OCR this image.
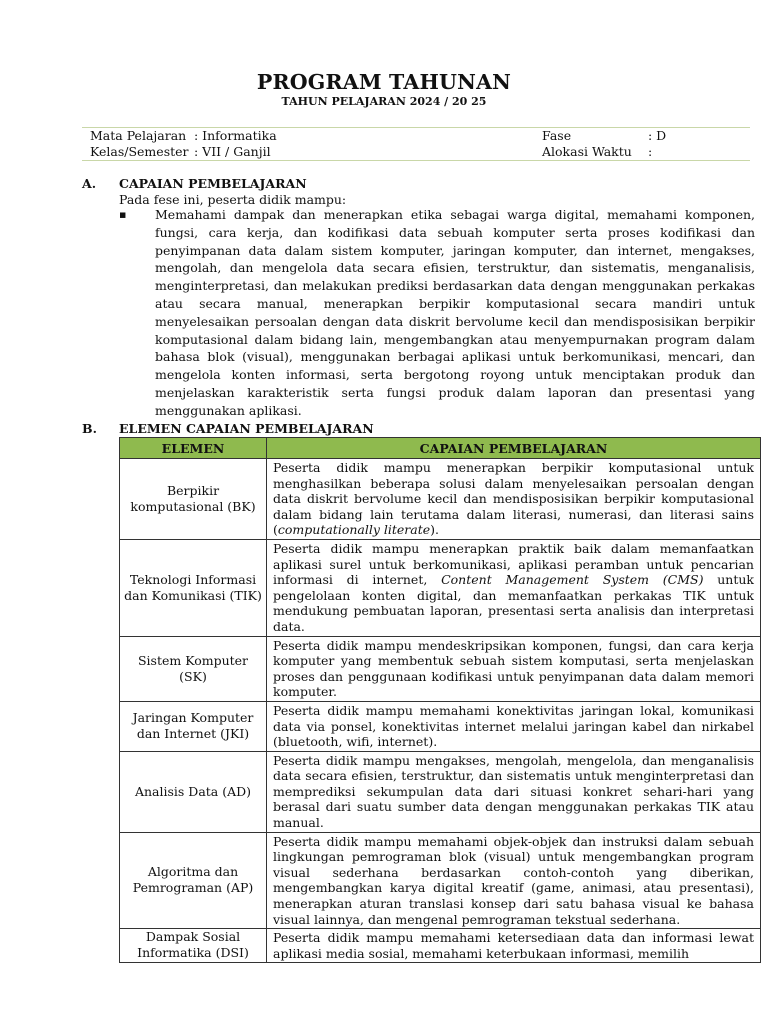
PROGRAM TAHUNAN
TAHUN PELAJARAN 2024 / 20 25
Mata Pelajaran : Informatika	Fase	: D
Kelas/Semester : VII / Ganjil	Alokasi Waktu :
A. CAPAIAN PEMBELAJARAN
Pada fese ini, peserta didik mampu:
▪ Memahami dampak dan menerapkan etika sebagai warga digital, memahami komponen, fungsi, cara kerja, dan kodifikasi data sebuah komputer serta proses kodifikasi dan penyimpanan data dalam sistem komputer, jaringan komputer, dan internet, mengakses, mengolah, dan mengelola data secara efisien, terstruktur, dan sistematis, menganalisis, menginterpretasi, dan melakukan prediksi berdasarkan data dengan menggunakan perkakas atau secara manual, menerapkan berpikir komputasional secara mandiri untuk menyelesaikan persoalan dengan data diskrit bervolume kecil dan mendisposisikan berpikir komputasional dalam bidang lain, mengembangkan atau menyempurnakan program dalam bahasa blok (visual), menggunakan berbagai aplikasi untuk berkomunikasi, mencari, dan mengelola konten informasi, serta bergotong royong untuk menciptakan produk dan menjelaskan karakteristik serta fungsi produk dalam laporan dan presentasi yang menggunakan aplikasi.
B. ELEMEN CAPAIAN PEMBELAJARAN
ELEMEN	CAPAIAN PEMBELAJARAN
Berpikir komputasional (BK)	Peserta didik mampu menerapkan berpikir komputasional untuk menghasilkan beberapa solusi dalam menyelesaikan persoalan dengan data diskrit bervolume kecil dan mendisposisikan berpikir komputasional dalam bidang lain terutama dalam literasi, numerasi, dan literasi sains (computationally literate).
Teknologi Informasi dan Komunikasi (TIK)	Peserta didik mampu menerapkan praktik baik dalam memanfaatkan aplikasi surel untuk berkomunikasi, aplikasi peramban untuk pencarian informasi di internet, Content Management System (CMS) untuk pengelolaan konten digital, dan memanfaatkan perkakas TIK untuk mendukung pembuatan laporan, presentasi serta analisis dan interpretasi data.
Sistem Komputer (SK)	Peserta didik mampu mendeskripsikan komponen, fungsi, dan cara kerja komputer yang membentuk sebuah sistem komputasi, serta menjelaskan proses dan penggunaan kodifikasi untuk penyimpanan data dalam memori komputer.
Jaringan Komputer dan Internet (JKI)	Peserta didik mampu memahami konektivitas jaringan lokal, komunikasi data via ponsel, konektivitas internet melalui jaringan kabel dan nirkabel (bluetooth, wifi, internet).
Analisis Data (AD)	Peserta didik mampu mengakses, mengolah, mengelola, dan menganalisis data secara efisien, terstruktur, dan sistematis untuk menginterpretasi dan memprediksi sekumpulan data dari situasi konkret sehari-hari yang berasal dari suatu sumber data dengan menggunakan perkakas TIK atau manual.
Algoritma dan Pemrograman (AP)	Peserta didik mampu memahami objek-objek dan instruksi dalam sebuah lingkungan pemrograman blok (visual) untuk mengembangkan program visual sederhana berdasarkan contoh-contoh yang diberikan, mengembangkan karya digital kreatif (game, animasi, atau presentasi), menerapkan aturan translasi konsep dari satu bahasa visual ke bahasa visual lainnya, dan mengenal pemrograman tekstual sederhana.
Dampak Sosial Informatika (DSI)	Peserta didik mampu memahami ketersediaan data dan informasi lewat aplikasi media sosial, memahami keterbukaan informasi, memilih
